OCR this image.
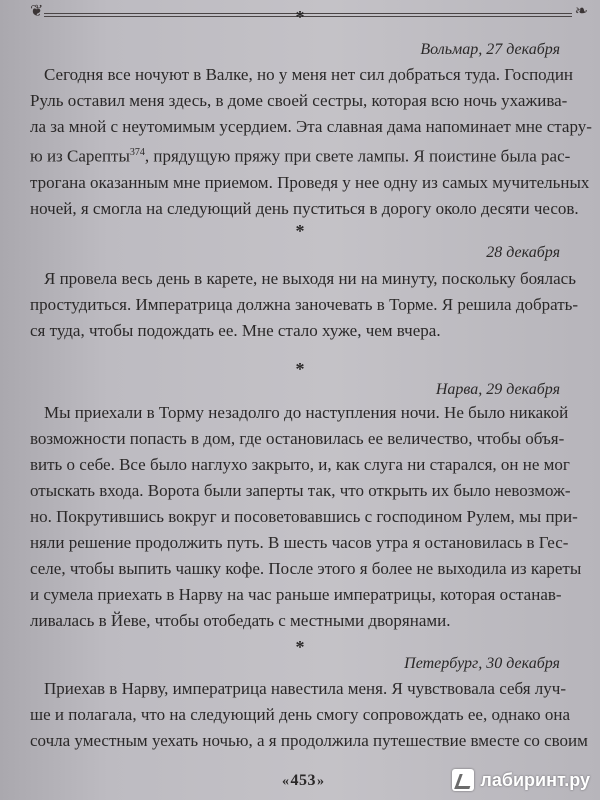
❦	❧
*
Вольмар, 27 декабря
Сегодня все ночуют в Валке, но у меня нет сил добраться туда. Господин
Руль оставил меня здесь, в доме своей сестры, которая всю ночь ухажива-
ла за мной с неутомимым усердием. Эта славная дама напоминает мне стару-
ю из Сарепты$^{374}$, прядущую пряжу при свете лампы. Я поистине была рас-
трогана оказанным мне приемом. Проведя у нее одну из самых мучительных
ночей, я смогла на следующий день пуститься в дорогу около десяти чесов.
*
28 декабря
Я провела весь день в карете, не выходя ни на минуту, поскольку боялась
простудиться. Императрица должна заночевать в Торме. Я решила добрать-
ся туда, чтобы подождать ее. Мне стало хуже, чем вчера.
*
Нарва, 29 декабря
Мы приехали в Торму незадолго до наступления ночи. Не было никакой
возможности попасть в дом, где остановилась ее величество, чтобы объя-
вить о себе. Все было наглухо закрыто, и, как слуга ни старался, он не мог
отыскать входа. Ворота были заперты так, что открыть их было невозмож-
но. Покрутившись вокруг и посоветовавшись с господином Рулем, мы при-
няли решение продолжить путь. В шесть часов утра я остановилась в Гес-
селе, чтобы выпить чашку кофе. После этого я более не выходила из кареты
и сумела приехать в Нарву на час раньше императрицы, которая останав-
ливалась в Йеве, чтобы отобедать с местными дворянами.
*
Петербург, 30 декабря
Приехав в Нарву, императрица навестила меня. Я чувствовала себя луч-
ше и полагала, что на следующий день смогу сопровождать ее, однако она
сочла уместным уехать ночью, а я продолжила путешествие вместе со своим
« 453 »	лабиринт.ру
